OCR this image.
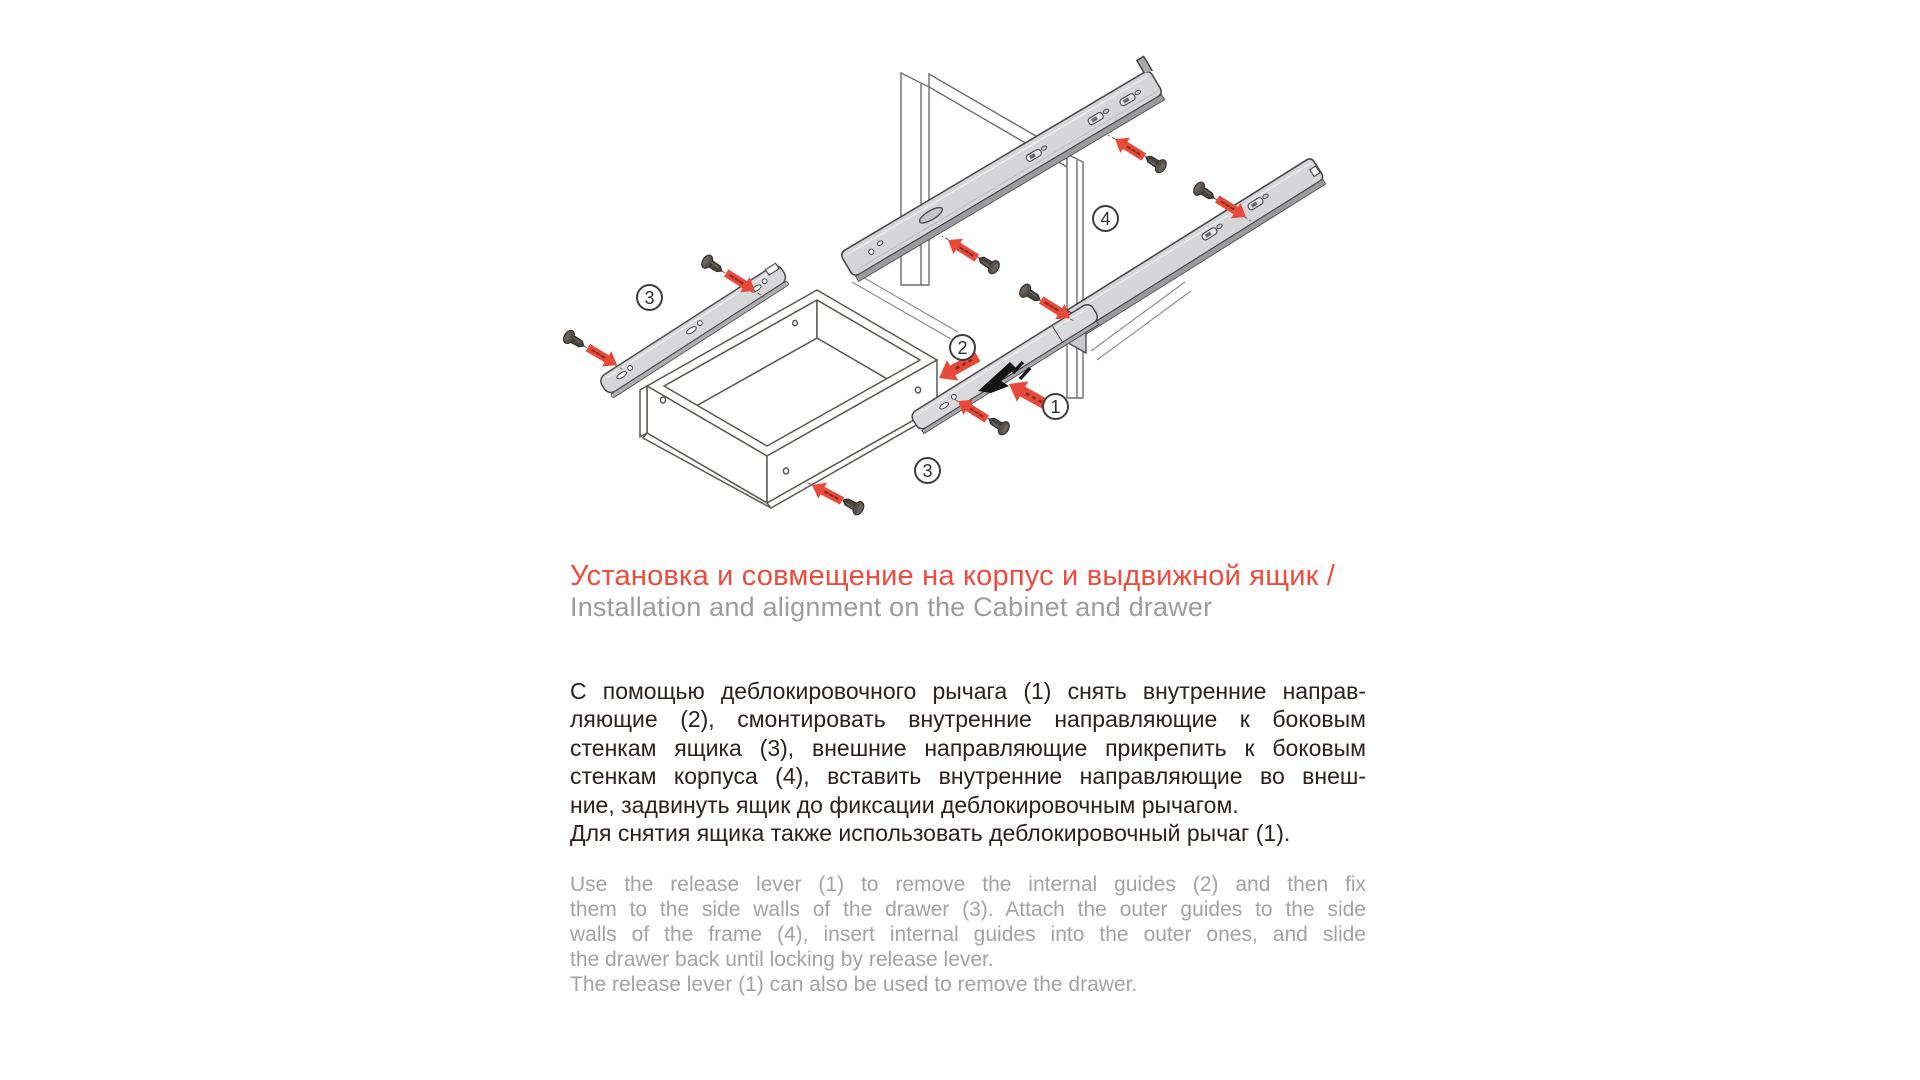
3
4
2
1
3
Установка и совмещение на корпус и выдвижной ящик /
Installation and alignment on the Cabinet and drawer
С помощью деблокировочного рычага (1) снять внутренние направ-
ляющие (2), смонтировать внутренние направляющие к боковым
стенкам ящика (3), внешние направляющие прикрепить к боковым
стенкам корпуса (4), вставить внутренние направляющие во внеш-
ние, задвинуть ящик до фиксации деблокировочным рычагом.
Для снятия ящика также использовать деблокировочный рычаг (1).
Use the release lever (1) to remove the internal guides (2) and then fix
them to the side walls of the drawer (3). Attach the outer guides to the side
walls of the frame (4), insert internal guides into the outer ones, and slide
the drawer back until locking by release lever.
The release lever (1) can also be used to remove the drawer.
